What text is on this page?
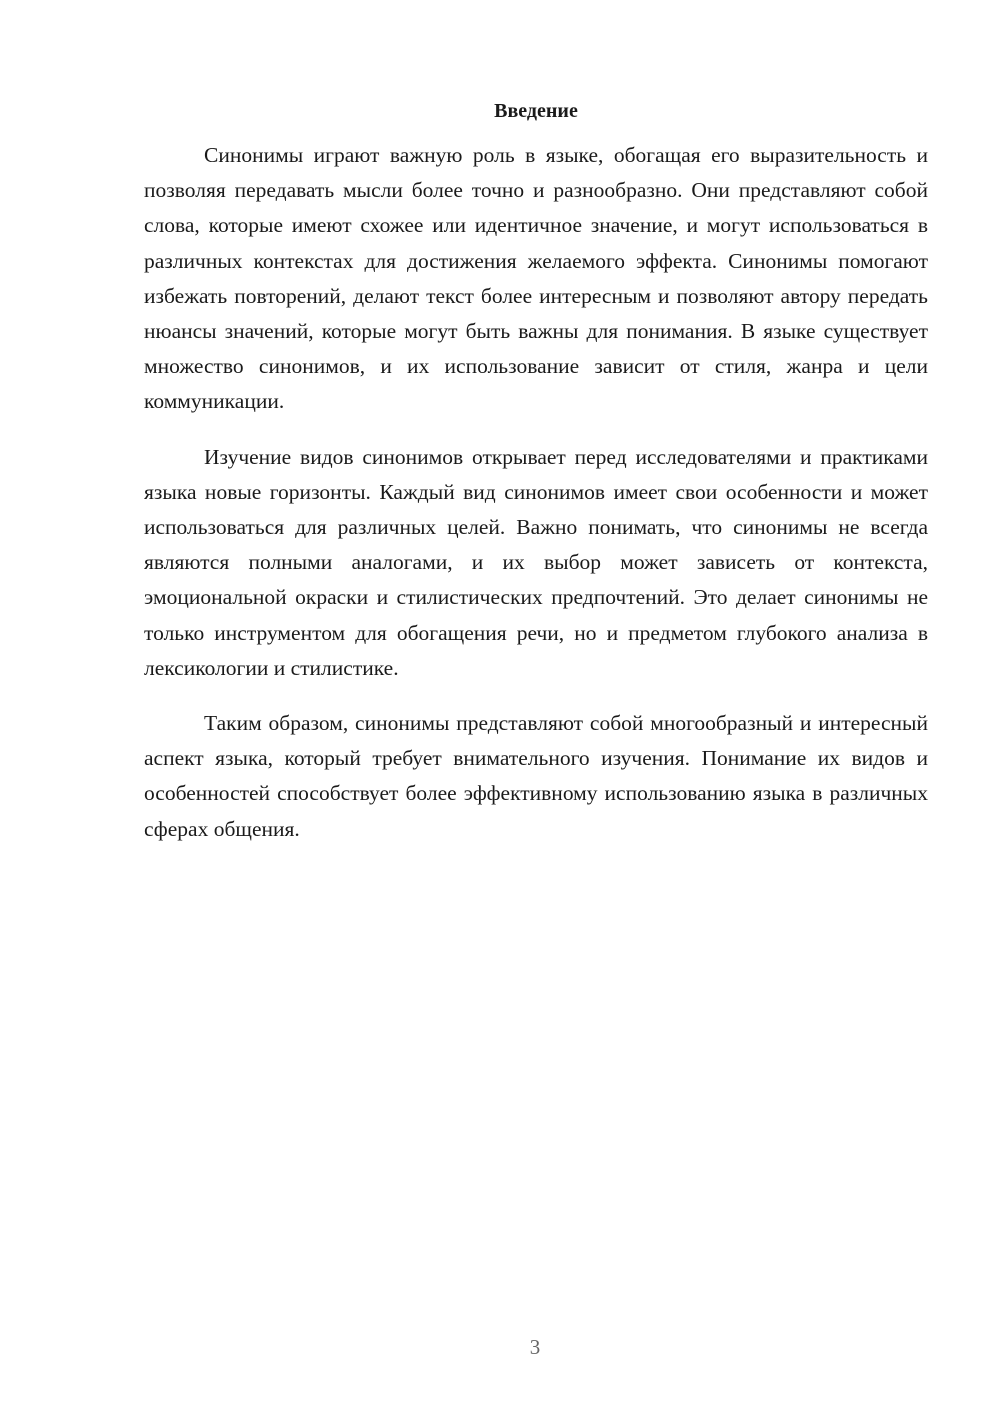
Введение

Синонимы играют важную роль в языке, обогащая его выразительность и позволяя передавать мысли более точно и разнообразно. Они представляют собой слова, которые имеют схожее или идентичное значение, и могут использоваться в различных контекстах для достижения желаемого эффекта. Синонимы помогают избежать повторений, делают текст более интересным и позволяют автору передать нюансы значений, которые могут быть важны для понимания. В языке существует множество синонимов, и их использование зависит от стиля, жанра и цели коммуникации.

Изучение видов синонимов открывает перед исследователями и практиками языка новые горизонты. Каждый вид синонимов имеет свои особенности и может использоваться для различных целей. Важно понимать, что синонимы не всегда являются полными аналогами, и их выбор может зависеть от контекста, эмоциональной окраски и стилистических предпочтений. Это делает синонимы не только инструментом для обогащения речи, но и предметом глубокого анализа в лексикологии и стилистике.

Таким образом, синонимы представляют собой многообразный и интересный аспект языка, который требует внимательного изучения. Понимание их видов и особенностей способствует более эффективному использованию языка в различных сферах общения.

3
